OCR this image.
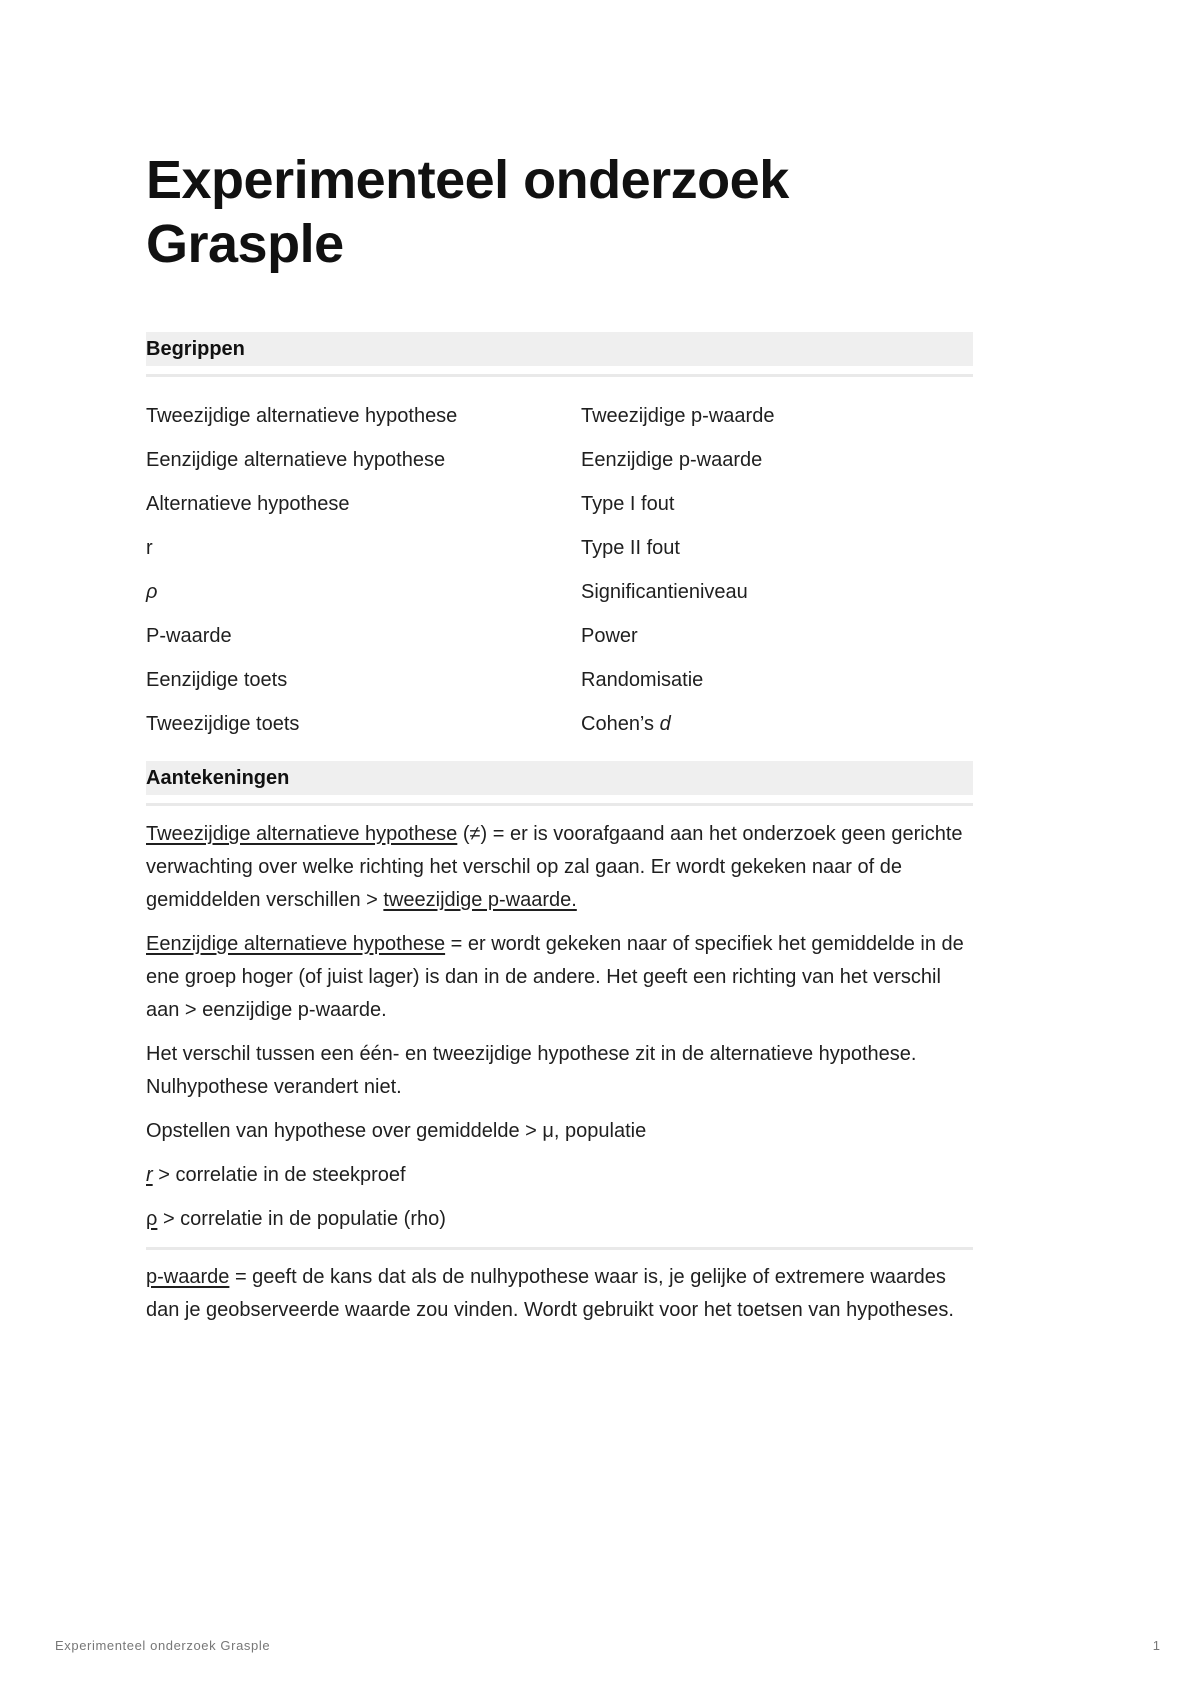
Experimenteel onderzoek Grasple
Begrippen
Tweezijdige alternatieve hypothese	Tweezijdige p-waarde
Eenzijdige alternatieve hypothese	Eenzijdige p-waarde
Alternatieve hypothese	Type I fout
r	Type II fout
ρ	Significantieniveau
P-waarde	Power
Eenzijdige toets	Randomisatie
Tweezijdige toets	Cohen’s d
Aantekeningen

Tweezijdige alternatieve hypothese (≠) = er is voorafgaand aan het onderzoek geen gerichte verwachting over welke richting het verschil op zal gaan. Er wordt gekeken naar of de gemiddelden verschillen > tweezijdige p-waarde.

Eenzijdige alternatieve hypothese = er wordt gekeken naar of specifiek het gemiddelde in de ene groep hoger (of juist lager) is dan in de andere. Het geeft een richting van het verschil aan > eenzijdige p-waarde.

Het verschil tussen een één- en tweezijdige hypothese zit in de alternatieve hypothese. Nulhypothese verandert niet.

Opstellen van hypothese over gemiddelde > μ, populatie

r > correlatie in de steekproef

ρ > correlatie in de populatie (rho)

p-waarde = geeft de kans dat als de nulhypothese waar is, je gelijke of extremere waardes dan je geobserveerde waarde zou vinden. Wordt gebruikt voor het toetsen van hypotheses.

Experimenteel onderzoek Grasple	1
